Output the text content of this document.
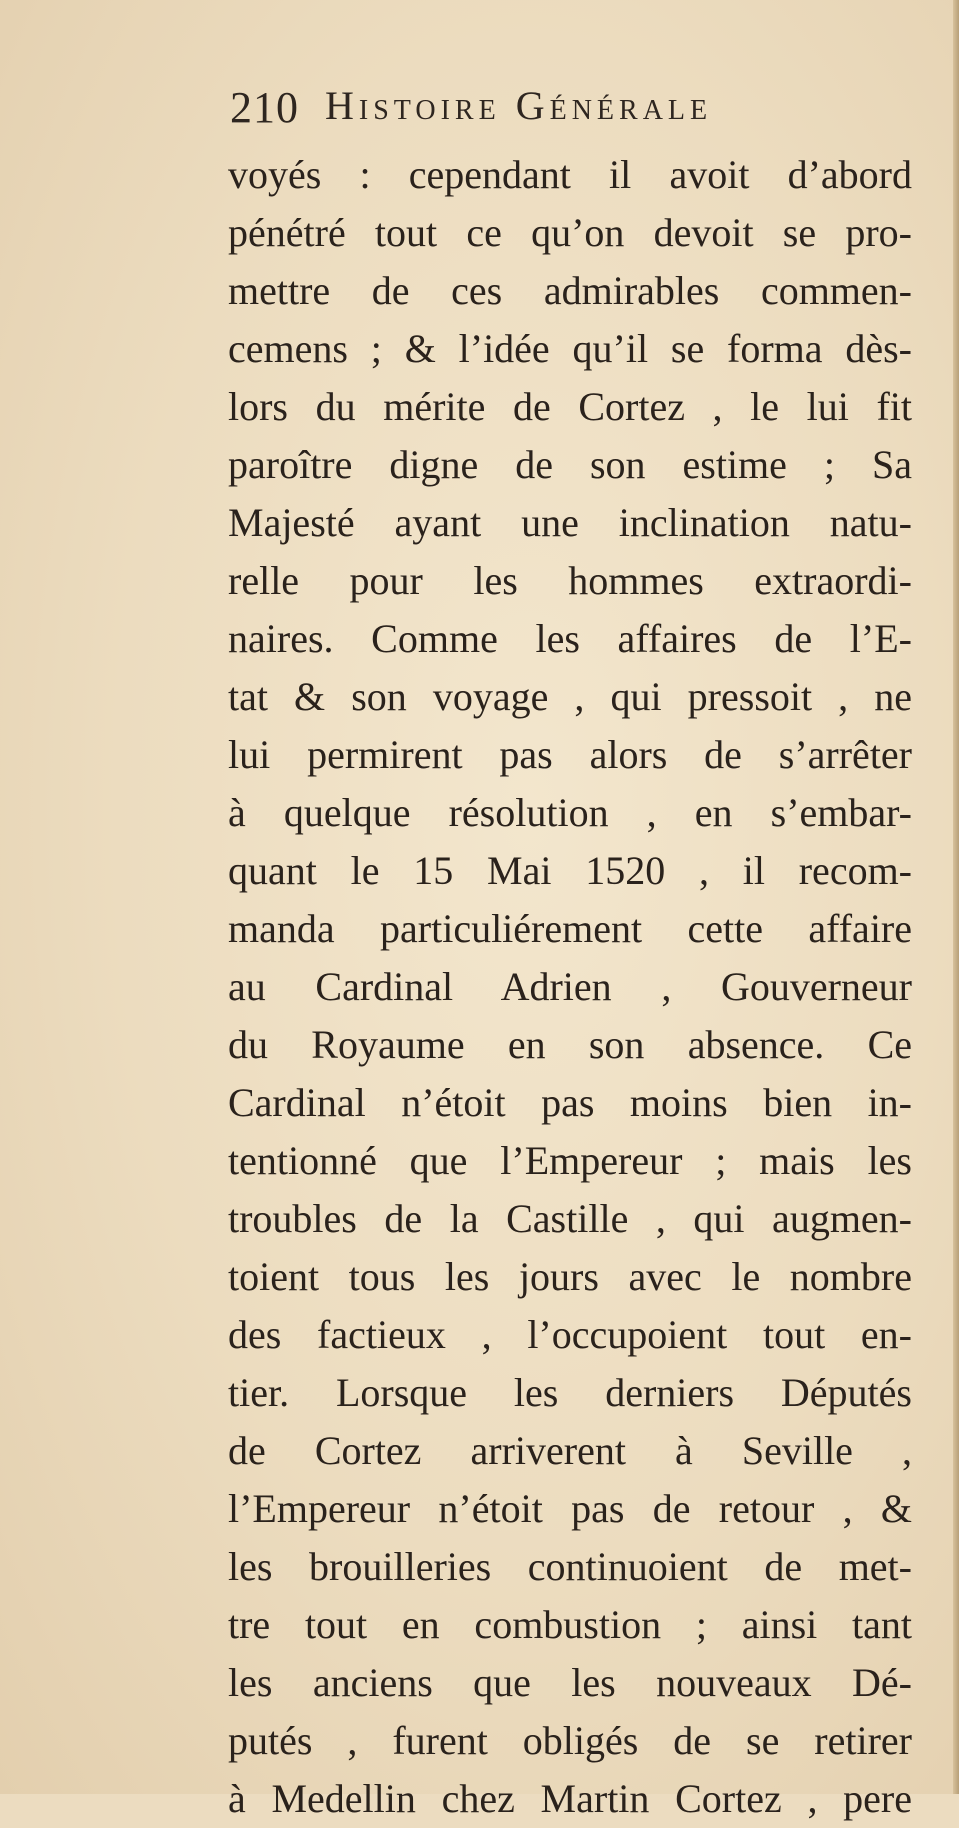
210 Histoire Générale
voyés : cependant il avoit d’abord
pénétré tout ce qu’on devoit se pro-
mettre de ces admirables commen-
cemens ; & l’idée qu’il se forma dès-
lors du mérite de Cortez , le lui fit
paroître digne de son estime ; Sa
Majesté ayant une inclination natu-
relle pour les hommes extraordi-
naires. Comme les affaires de l’E-
tat & son voyage , qui pressoit , ne
lui permirent pas alors de s’arrêter
à quelque résolution , en s’embar-
quant le 15 Mai 1520 , il recom-
manda particuliérement cette affaire
au Cardinal Adrien , Gouverneur
du Royaume en son absence. Ce
Cardinal n’étoit pas moins bien in-
tentionné que l’Empereur ; mais les
troubles de la Castille , qui augmen-
toient tous les jours avec le nombre
des factieux , l’occupoient tout en-
tier. Lorsque les derniers Députés
de Cortez arriverent à Seville ,
l’Empereur n’étoit pas de retour , &
les brouilleries continuoient de met-
tre tout en combustion ; ainsi tant
les anciens que les nouveaux Dé-
putés , furent obligés de se retirer
à Medellin chez Martin Cortez , pere
